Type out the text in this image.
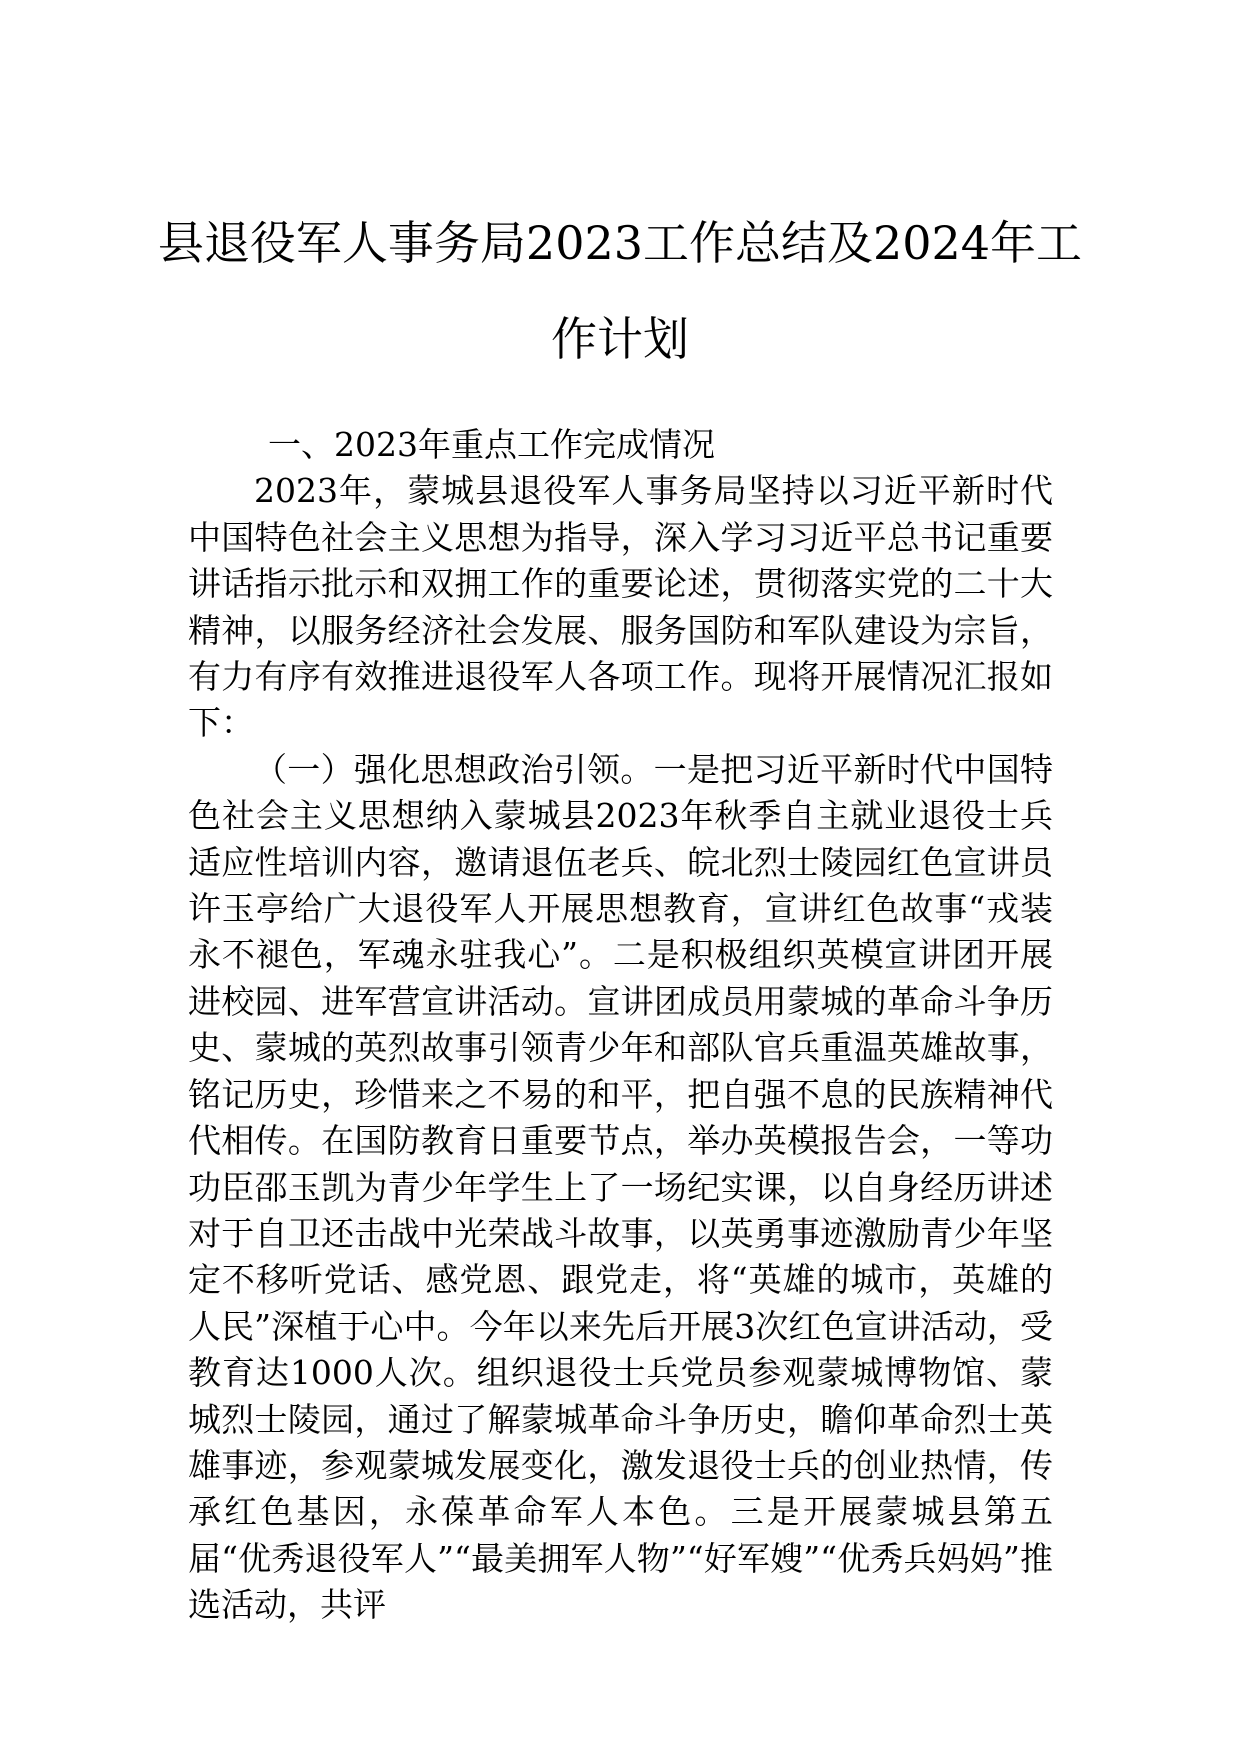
县退役军人事务局2023工作总结及2024年工作计划

一、2023年重点工作完成情况

2023年，蒙城县退役军人事务局坚持以习近平新时代中国特色社会主义思想为指导，深入学习习近平总书记重要讲话指示批示和双拥工作的重要论述，贯彻落实党的二十大精神，以服务经济社会发展、服务国防和军队建设为宗旨，有力有序有效推进退役军人各项工作。现将开展情况汇报如下：

（一）强化思想政治引领。一是把习近平新时代中国特色社会主义思想纳入蒙城县2023年秋季自主就业退役士兵适应性培训内容，邀请退伍老兵、皖北烈士陵园红色宣讲员许玉亭给广大退役军人开展思想教育，宣讲红色故事“戎装永不褪色，军魂永驻我心”。二是积极组织英模宣讲团开展进校园、进军营宣讲活动。宣讲团成员用蒙城的革命斗争历史、蒙城的英烈故事引领青少年和部队官兵重温英雄故事，铭记历史，珍惜来之不易的和平，把自强不息的民族精神代代相传。在国防教育日重要节点，举办英模报告会，一等功功臣邵玉凯为青少年学生上了一场纪实课，以自身经历讲述对于自卫还击战中光荣战斗故事，以英勇事迹激励青少年坚定不移听党话、感党恩、跟党走，将“英雄的城市，英雄的人民”深植于心中。今年以来先后开展3次红色宣讲活动，受教育达1000人次。组织退役士兵党员参观蒙城博物馆、蒙城烈士陵园，通过了解蒙城革命斗争历史，瞻仰革命烈士英雄事迹，参观蒙城发展变化，激发退役士兵的创业热情，传承红色基因，永葆革命军人本色。三是开展蒙城县第五届“优秀退役军人”“最美拥军人物”“好军嫂”“优秀兵妈妈”推选活动，共评
